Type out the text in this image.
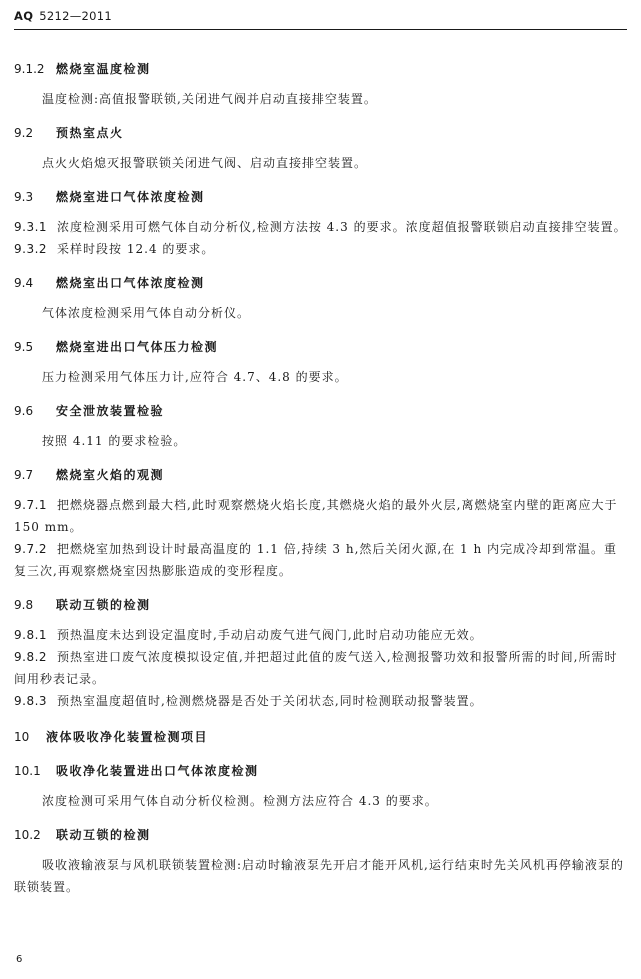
AQ 5212—2011

9.1.2 燃烧室温度检测

温度检测:高值报警联锁,关闭进气阀并启动直接排空装置。

9.2 预热室点火

点火火焰熄灭报警联锁关闭进气阀、启动直接排空装置。

9.3 燃烧室进口气体浓度检测

9.3.1 浓度检测采用可燃气体自动分析仪,检测方法按 4.3 的要求。浓度超值报警联锁启动直接排空装置。

9.3.2 采样时段按 12.4 的要求。

9.4 燃烧室出口气体浓度检测

气体浓度检测采用气体自动分析仪。

9.5 燃烧室进出口气体压力检测

压力检测采用气体压力计,应符合 4.7、4.8 的要求。

9.6 安全泄放装置检验

按照 4.11 的要求检验。

9.7 燃烧室火焰的观测

9.7.1 把燃烧器点燃到最大档,此时观察燃烧火焰长度,其燃烧火焰的最外火层,离燃烧室内壁的距离应大于 150 mm。

9.7.2 把燃烧室加热到设计时最高温度的 1.1 倍,持续 3 h,然后关闭火源,在 1 h 内完成冷却到常温。重复三次,再观察燃烧室因热膨胀造成的变形程度。

9.8 联动互锁的检测

9.8.1 预热温度未达到设定温度时,手动启动废气进气阀门,此时启动功能应无效。

9.8.2 预热室进口废气浓度模拟设定值,并把超过此值的废气送入,检测报警功效和报警所需的时间,所需时间用秒表记录。

9.8.3 预热室温度超值时,检测燃烧器是否处于关闭状态,同时检测联动报警装置。

10 液体吸收净化装置检测项目

10.1 吸收净化装置进出口气体浓度检测

浓度检测可采用气体自动分析仪检测。检测方法应符合 4.3 的要求。

10.2 联动互锁的检测

吸收液输液泵与风机联锁装置检测:启动时输液泵先开启才能开风机,运行结束时先关风机再停输液泵的联锁装置。

6
